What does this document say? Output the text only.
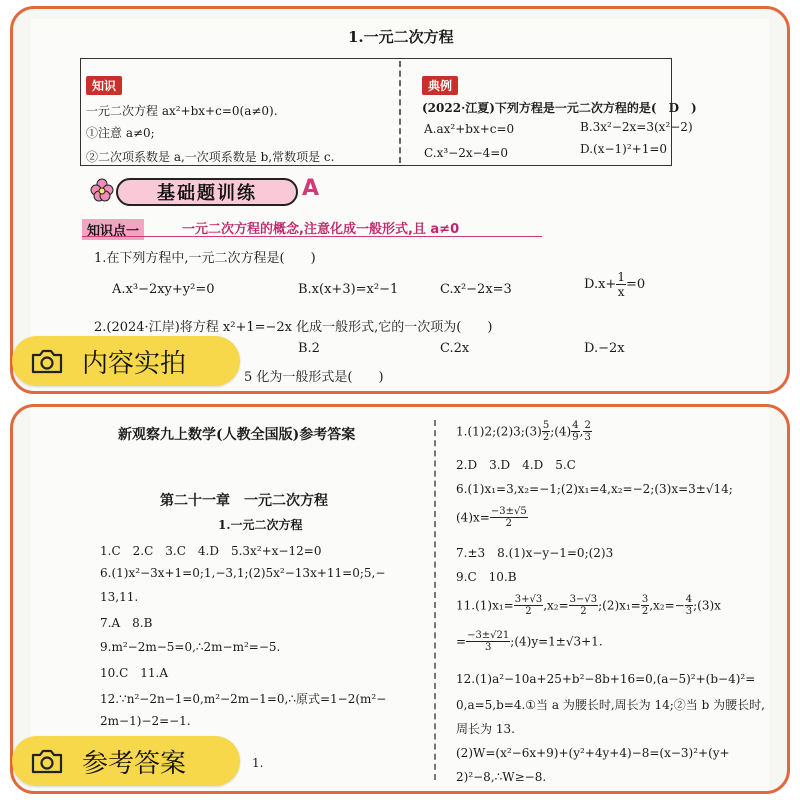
1.一元二次方程
知识
一元二次方程 ax²+bx+c=0(a≠0).
①注意 a≠0;
②二次项系数是 a,一次项系数是 b,常数项是 c.
典例
(2022·江夏)下列方程是一元二次方程的是(　D　)
A.ax²+bx+c=0	B.3x²−2x=3(x²−2)
C.x³−2x−4=0	D.(x−1)²+1=0
基础题训练	A
知识点一	一元二次方程的概念,注意化成一般形式,且 a≠0
1.在下列方程中,一元二次方程是(　　)
A.x³−2xy+y²=0	B.x(x+3)=x²−1	C.x²−2x=3	$D.x+ \frac{1}{x} =0$
2.(2024·江岸)将方程 x²+1=−2x 化成一般形式,它的一次项为(　　)
B.2	C.2x	D.−2x
5 化为一般形式是(　　)
内容实拍
新观察九上数学(人教全国版)参考答案
第二十一章　一元二次方程
1.一元二次方程
1.C　2.C　3.C　4.D　5.3x²+x−12=0
6.(1)x²−3x+1=0;1,−3,1;(2)5x²−13x+11=0;5,−
13,11.
7.A　8.B
9.m²−2m−5=0,∴2m−m²=−5.
10.C　11.A
12.∵n²−2n−1=0,m²−2m−1=0,∴原式=1−2(m²−
2m−1)−2=−1.
1.
1.(1)2;(2)3;(3) $\frac{5}{2}$ ;(4) $\frac{4}{9}$ , $\frac{2}{3}$
2.D　3.D　4.D　5.C
6.(1)x₁=3,x₂=−1;(2)x₁=4,x₂=−2;(3)x=3±√14;
$(4)x= \frac{-3\pm√5}{2}$
7.±3　8.(1)x−y−1=0;(2)3
9.C　10.B
$11.(1)x_1= \frac{3+√3}{2} ,x_2= \frac{3-√3}{2}$ ;(2)x₁= $\frac{3}{2} ,x_2=- \frac{4}{3}$ ;(3)x
= $\frac{-3\pm√21}{3}$ ;(4)y=1±√3+1.
12.(1)a²−10a+25+b²−8b+16=0,(a−5)²+(b−4)²=
0,a=5,b=4.①当 a 为腰长时,周长为 14;②当 b 为腰长时,
周长为 13.
(2)W=(x²−6x+9)+(y²+4y+4)−8=(x−3)²+(y+
2)²−8,∴W≥−8.
参考答案
